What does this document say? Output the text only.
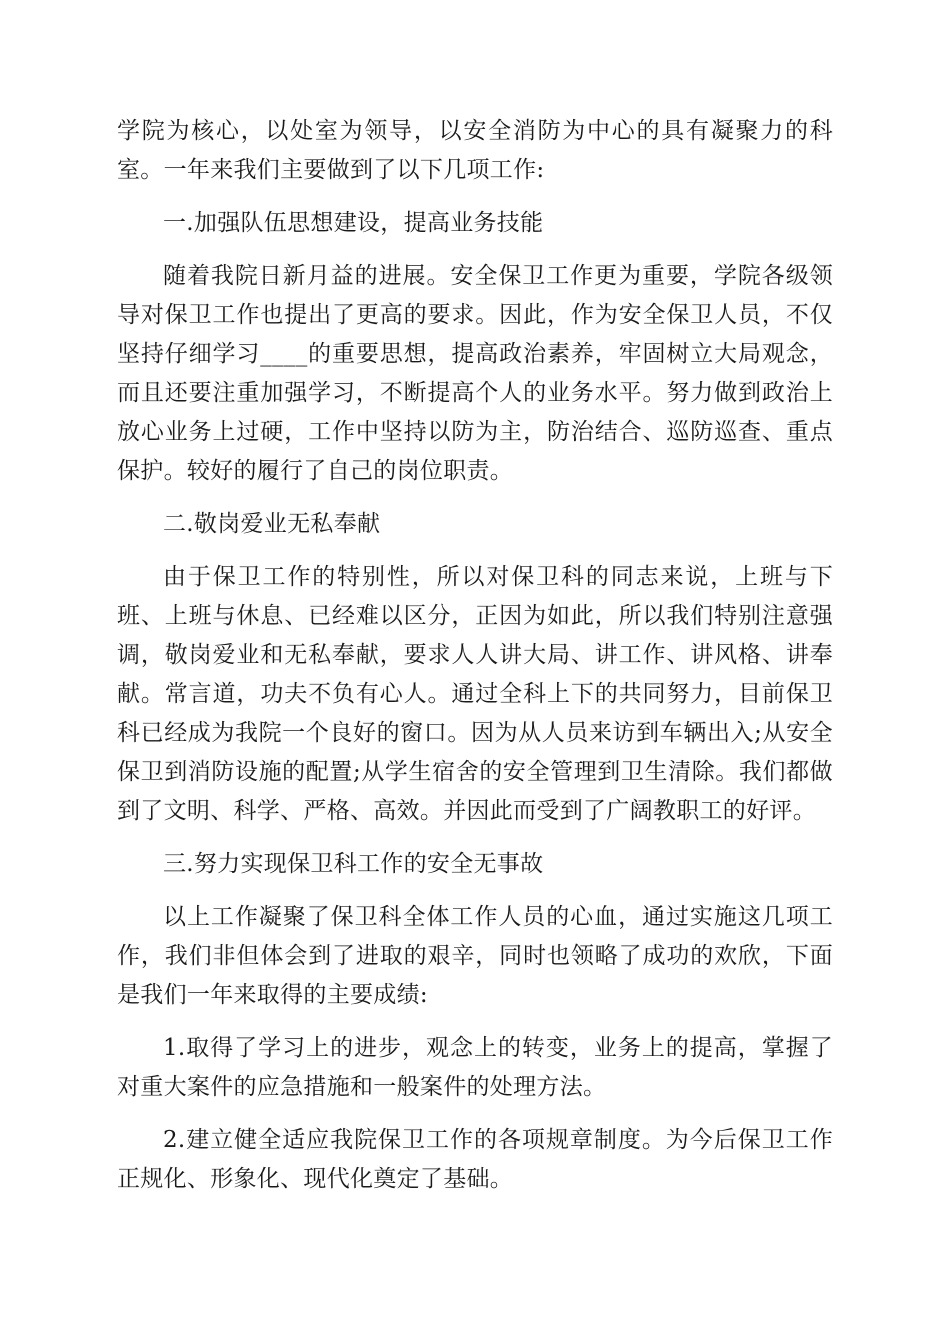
学院为核心，以处室为领导，以安全消防为中心的具有凝聚力的科室。一年来我们主要做到了以下几项工作:

一.加强队伍思想建设，提高业务技能

随着我院日新月益的进展。安全保卫工作更为重要，学院各级领导对保卫工作也提出了更高的要求。因此，作为安全保卫人员，不仅坚持仔细学习____的重要思想，提高政治素养，牢固树立大局观念，而且还要注重加强学习，不断提高个人的业务水平。努力做到政治上放心业务上过硬，工作中坚持以防为主，防治结合、巡防巡查、重点保护。较好的履行了自己的岗位职责。

二.敬岗爱业无私奉献

由于保卫工作的特别性，所以对保卫科的同志来说，上班与下班、上班与休息、已经难以区分，正因为如此，所以我们特别注意强调，敬岗爱业和无私奉献，要求人人讲大局、讲工作、讲风格、讲奉献。常言道，功夫不负有心人。通过全科上下的共同努力，目前保卫科已经成为我院一个良好的窗口。因为从人员来访到车辆出入;从安全保卫到消防设施的配置;从学生宿舍的安全管理到卫生清除。我们都做到了文明、科学、严格、高效。并因此而受到了广阔教职工的好评。

三.努力实现保卫科工作的安全无事故

以上工作凝聚了保卫科全体工作人员的心血，通过实施这几项工作，我们非但体会到了进取的艰辛，同时也领略了成功的欢欣，下面是我们一年来取得的主要成绩:

1.取得了学习上的进步，观念上的转变，业务上的提高，掌握了对重大案件的应急措施和一般案件的处理方法。

2.建立健全适应我院保卫工作的各项规章制度。为今后保卫工作正规化、形象化、现代化奠定了基础。
